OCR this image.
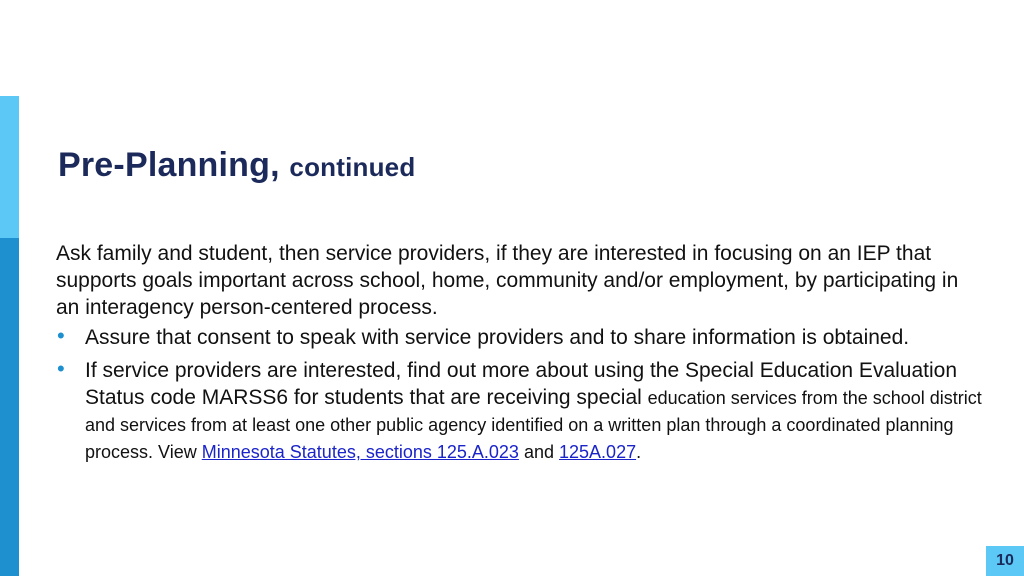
Pre-Planning, continued

Ask family and student, then service providers, if they are interested in focusing on an IEP that supports goals important across school, home, community and/or employment, by participating in an interagency person-centered process.

• Assure that consent to speak with service providers and to share information is obtained.
• If service providers are interested, find out more about using the Special Education Evaluation Status code MARSS6 for students that are receiving special education services from the school district and services from at least one other public agency identified on a written plan through a coordinated planning process. View Minnesota Statutes, sections 125.A.023 and 125A.027.
10
